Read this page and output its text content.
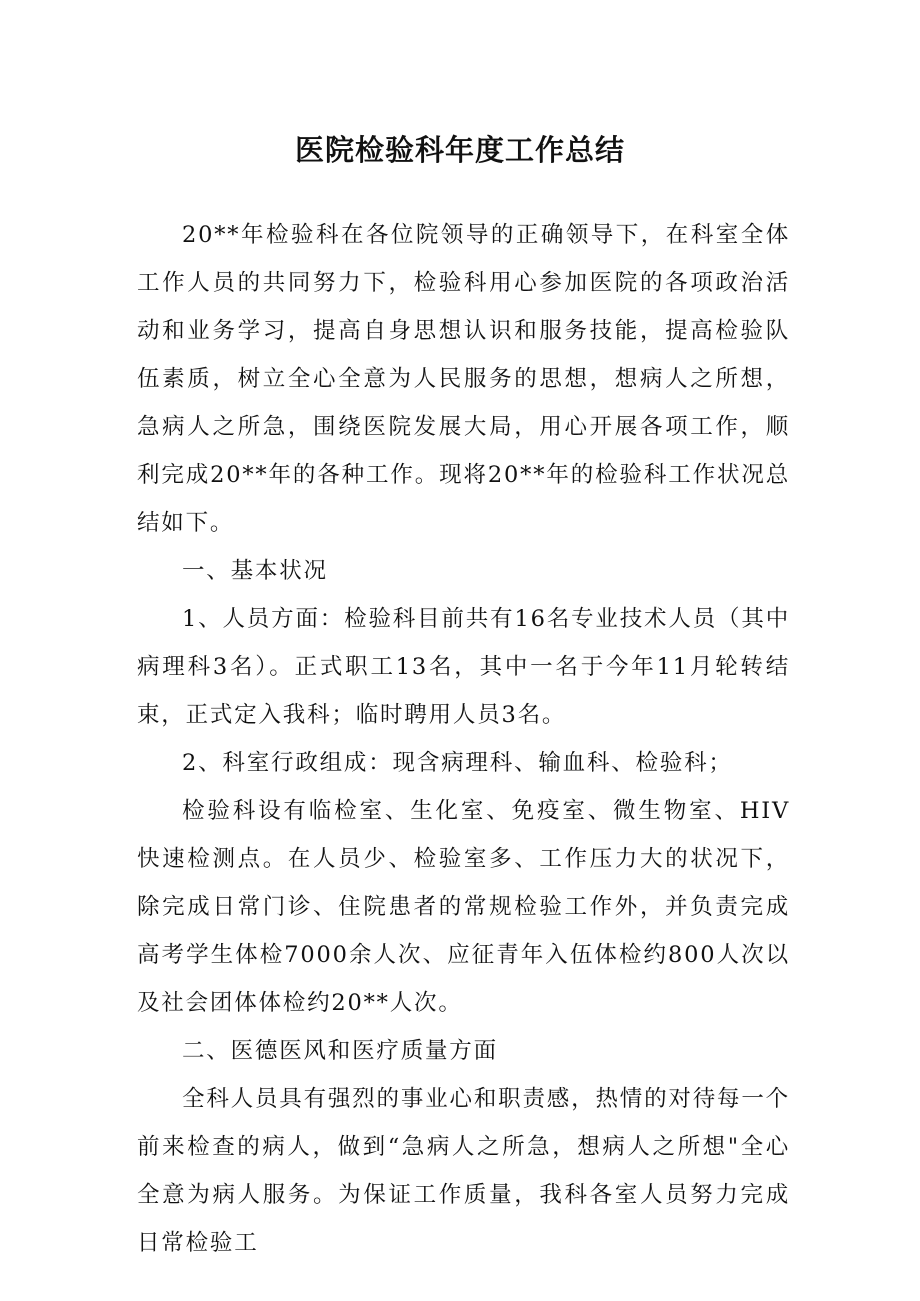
医院检验科年度工作总结

20**年检验科在各位院领导的正确领导下，在科室全体工作人员的共同努力下，检验科用心参加医院的各项政治活动和业务学习，提高自身思想认识和服务技能，提高检验队伍素质，树立全心全意为人民服务的思想，想病人之所想，急病人之所急，围绕医院发展大局，用心开展各项工作，顺利完成20**年的各种工作。现将20**年的检验科工作状况总结如下。

一、基本状况

1、人员方面：检验科目前共有16名专业技术人员（其中病理科3名）。正式职工13名，其中一名于今年11月轮转结束，正式定入我科；临时聘用人员3名。

2、科室行政组成：现含病理科、输血科、检验科；

检验科设有临检室、生化室、免疫室、微生物室、HIV快速检测点。在人员少、检验室多、工作压力大的状况下，除完成日常门诊、住院患者的常规检验工作外，并负责完成高考学生体检7000余人次、应征青年入伍体检约800人次以及社会团体体检约20**人次。

二、医德医风和医疗质量方面

全科人员具有强烈的事业心和职责感，热情的对待每一个前来检查的病人，做到“急病人之所急，想病人之所想"全心全意为病人服务。为保证工作质量，我科各室人员努力完成日常检验工
